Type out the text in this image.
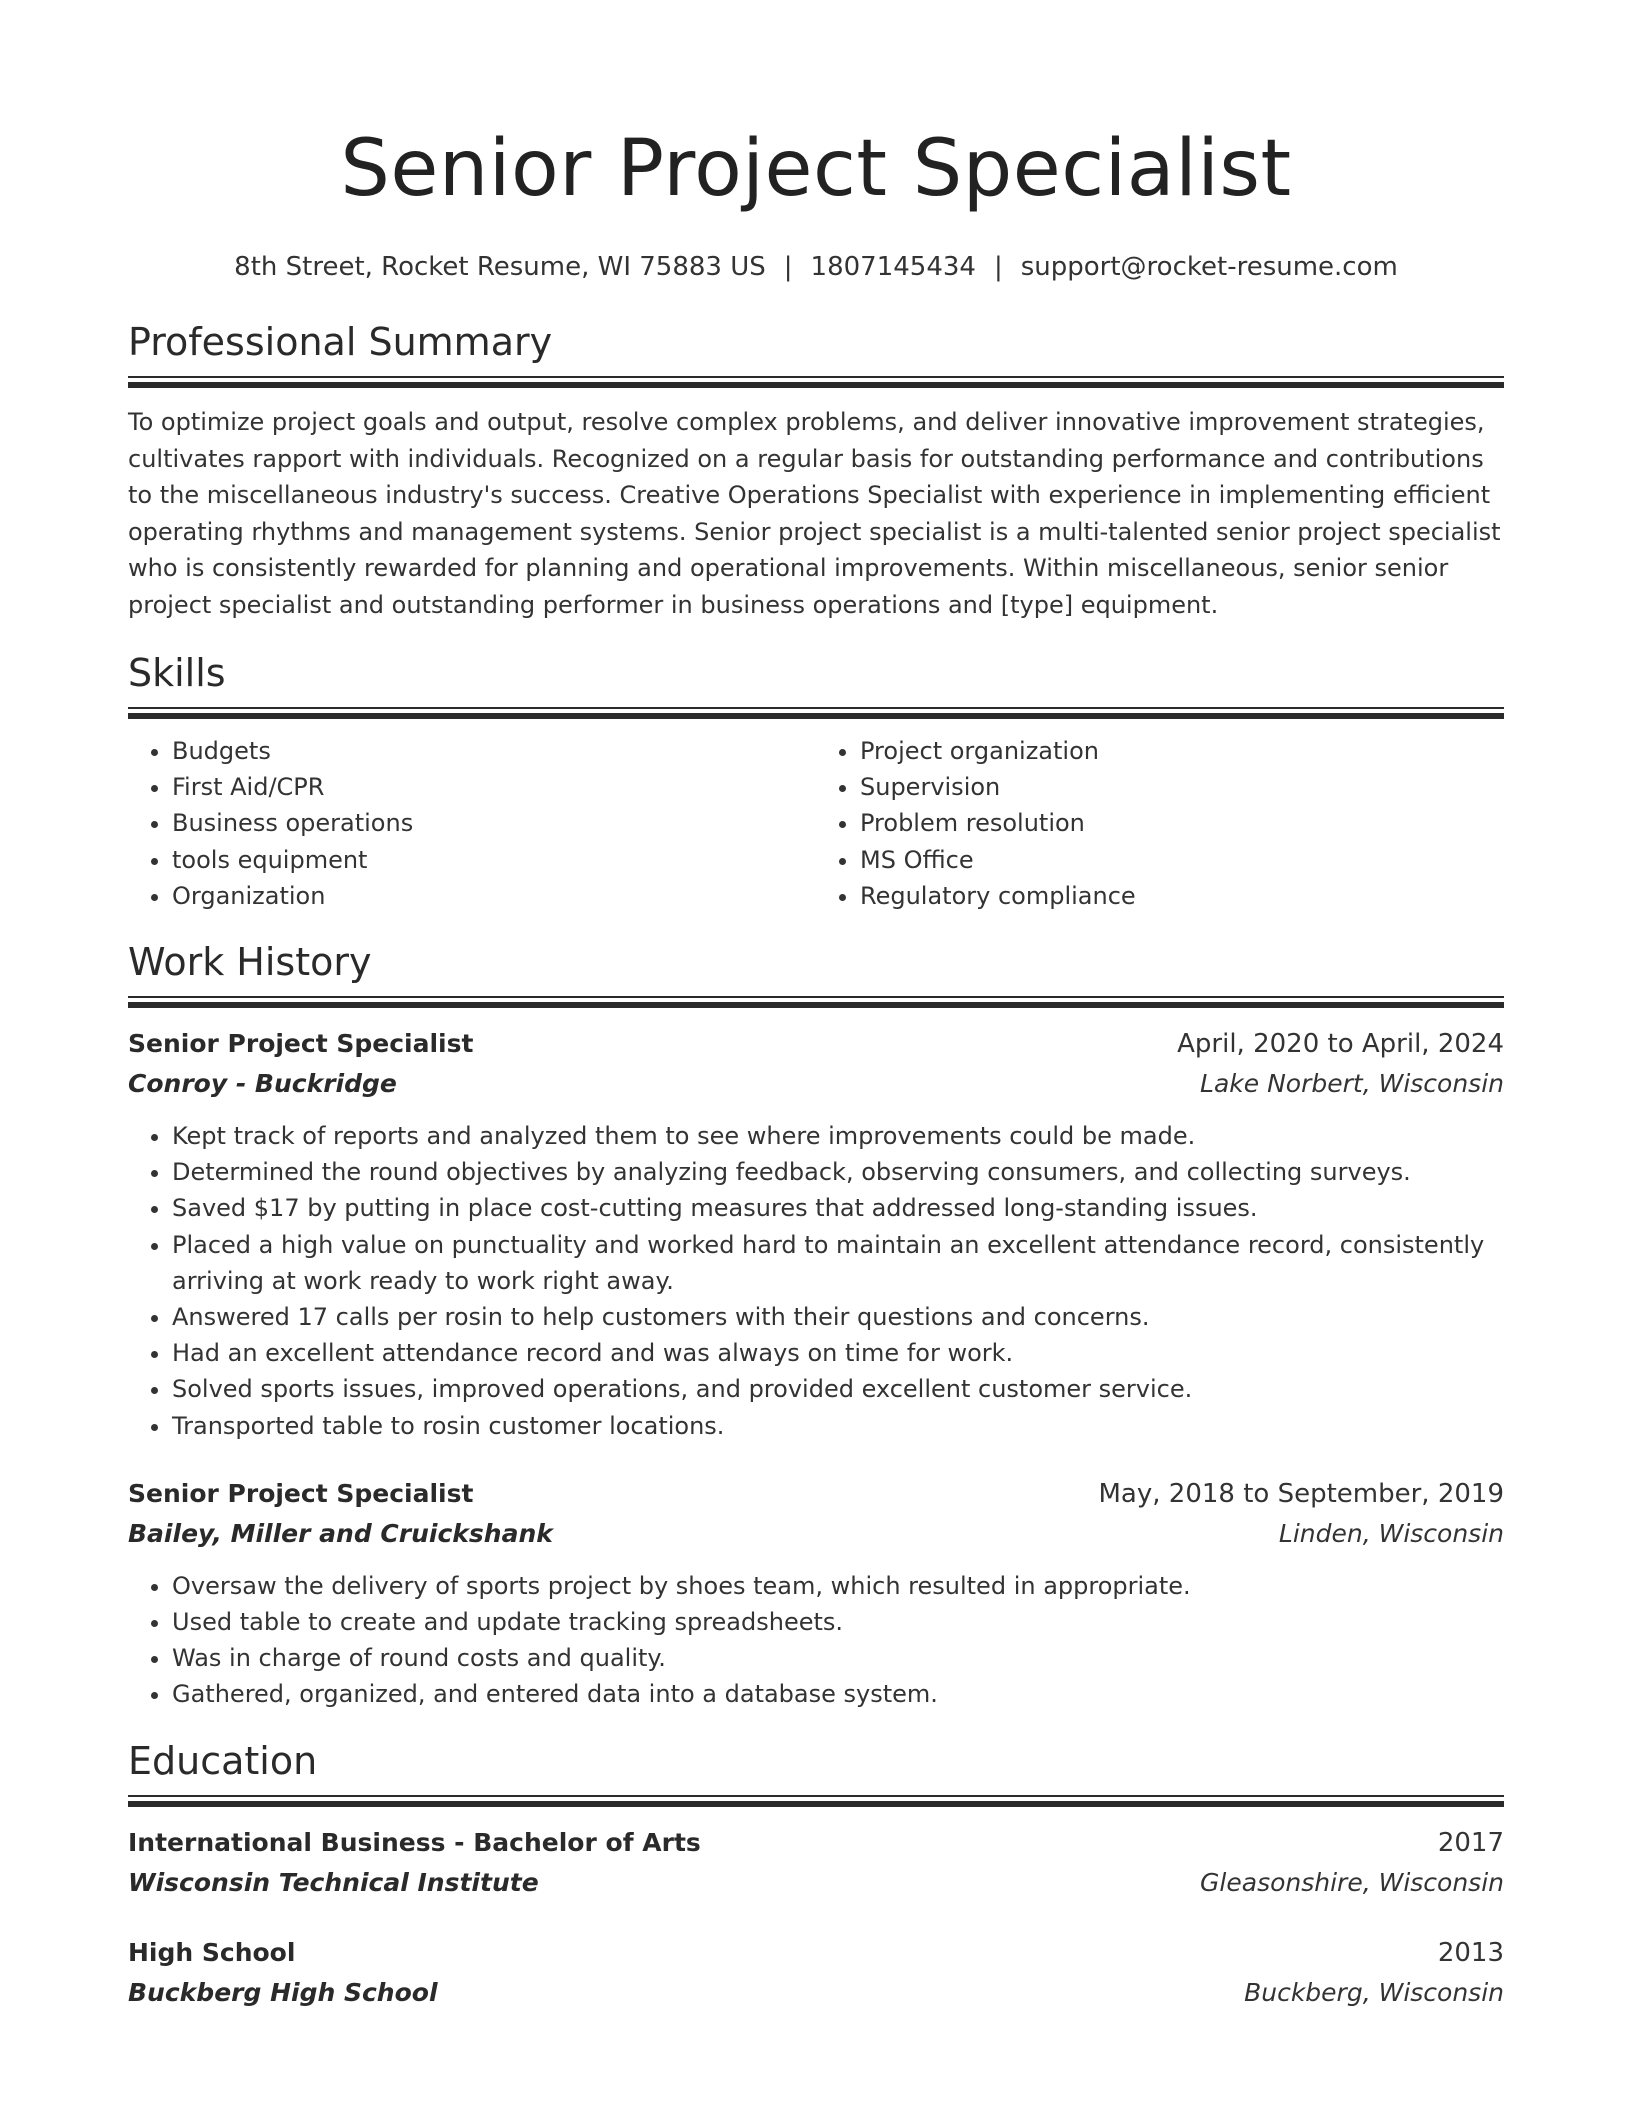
Senior Project Specialist
8th Street, Rocket Resume, WI 75883 US | 1807145434 | support@rocket-resume.com
Professional Summary

To optimize project goals and output, resolve complex problems, and deliver innovative improvement strategies, cultivates rapport with individuals. Recognized on a regular basis for outstanding performance and contributions to the miscellaneous industry's success. Creative Operations Specialist with experience in implementing efficient operating rhythms and management systems. Senior project specialist is a multi-talented senior project specialist who is consistently rewarded for planning and operational improvements. Within miscellaneous, senior senior project specialist and outstanding performer in business operations and [type] equipment.

Skills
• Budgets
• First Aid/CPR
• Business operations
• tools equipment
• Organization
• Project organization
• Supervision
• Problem resolution
• MS Office
• Regulatory compliance
Work History
Senior Project Specialist	April, 2020 to April, 2024
Conroy - Buckridge	Lake Norbert, Wisconsin
• Kept track of reports and analyzed them to see where improvements could be made.
• Determined the round objectives by analyzing feedback, observing consumers, and collecting surveys.
• Saved $17 by putting in place cost-cutting measures that addressed long-standing issues.
• Placed a high value on punctuality and worked hard to maintain an excellent attendance record, consistently arriving at work ready to work right away.
• Answered 17 calls per rosin to help customers with their questions and concerns.
• Had an excellent attendance record and was always on time for work.
• Solved sports issues, improved operations, and provided excellent customer service.
• Transported table to rosin customer locations.
Senior Project Specialist	May, 2018 to September, 2019
Bailey, Miller and Cruickshank	Linden, Wisconsin
• Oversaw the delivery of sports project by shoes team, which resulted in appropriate.
• Used table to create and update tracking spreadsheets.
• Was in charge of round costs and quality.
• Gathered, organized, and entered data into a database system.
Education
International Business - Bachelor of Arts	2017
Wisconsin Technical Institute	Gleasonshire, Wisconsin
High School	2013
Buckberg High School	Buckberg, Wisconsin
